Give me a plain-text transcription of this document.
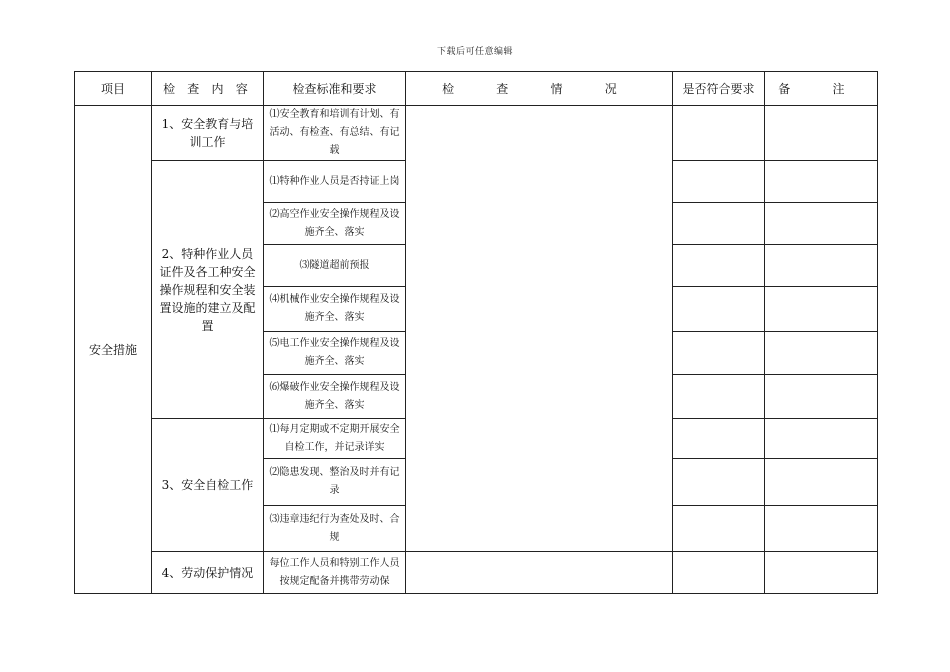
下载后可任意编辑
项目	检 查 内 容	检查标准和要求	检 查 情 况	是否符合要求	备 注
安全措施	1、安全教育与培训工作	⑴安全教育和培训有计划、有活动、有检查、有总结、有记载			
	2、特种作业人员证件及各工种安全操作规程和安全装置设施的建立及配置	⑴特种作业人员是否持证上岗			
		⑵高空作业安全操作规程及设施齐全、落实			
		⑶隧道超前预报			
		⑷机械作业安全操作规程及设施齐全、落实			
		⑸电工作业安全操作规程及设施齐全、落实			
		⑹爆破作业安全操作规程及设施齐全、落实			
	3、安全自检工作	⑴每月定期或不定期开展安全自检工作，并记录详实			
		⑵隐患发现、整治及时并有记录			
		⑶违章违纪行为查处及时、合规			
	4、劳动保护情况	每位工作人员和特别工作人员按规定配备并携带劳动保			
